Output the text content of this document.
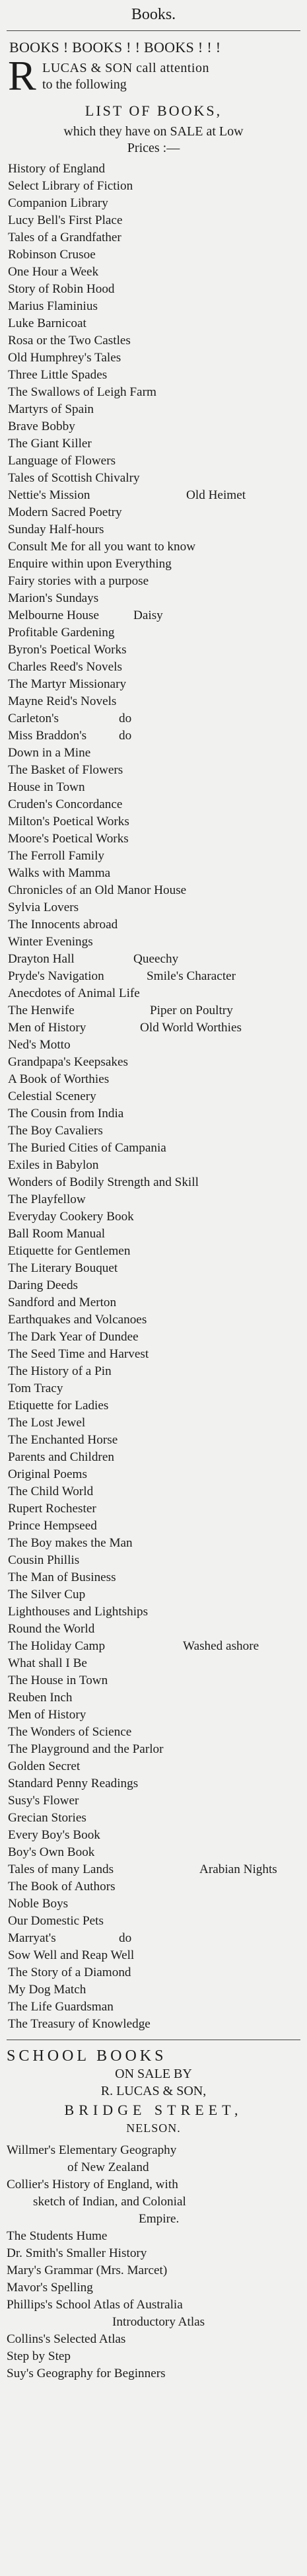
Books.
BOOKS ! BOOKS ! ! BOOKS ! ! !
R LUCAS & SON call attention
to the following
LIST OF BOOKS,
which they have on SALE at Low
Prices :—
History of England
Select Library of Fiction
Companion Library
Lucy Bell's First Place
Tales of a Grandfather
Robinson Crusoe
One Hour a Week
Story of Robin Hood
Marius Flaminius
Luke Barnicoat
Rosa or the Two Castles
Old Humphrey's Tales
Three Little Spades
The Swallows of Leigh Farm
Martyrs of Spain
Brave Bobby
The Giant Killer
Language of Flowers
Tales of Scottish Chivalry
Nettie's Mission	Old Heimet
Modern Sacred Poetry
Sunday Half-hours
Consult Me for all you want to know
Enquire within upon Everything
Fairy stories with a purpose
Marion's Sundays
Melbourne House	Daisy
Profitable Gardening
Byron's Poetical Works
Charles Reed's Novels
The Martyr Missionary
Mayne Reid's Novels
Carleton's	do
Miss Braddon's	do
Down in a Mine
The Basket of Flowers
House in Town
Cruden's Concordance
Milton's Poetical Works
Moore's Poetical Works
The Ferroll Family
Walks with Mamma
Chronicles of an Old Manor House
Sylvia Lovers
The Innocents abroad
Winter Evenings
Drayton Hall	Queechy
Pryde's Navigation	Smile's Character
Anecdotes of Animal Life
The Henwife	Piper on Poultry
Men of History	Old World Worthies
Ned's Motto
Grandpapa's Keepsakes
A Book of Worthies
Celestial Scenery
The Cousin from India
The Boy Cavaliers
The Buried Cities of Campania
Exiles in Babylon
Wonders of Bodily Strength and Skill
The Playfellow
Everyday Cookery Book
Ball Room Manual
Etiquette for Gentlemen
The Literary Bouquet
Daring Deeds
Sandford and Merton
Earthquakes and Volcanoes
The Dark Year of Dundee
The Seed Time and Harvest
The History of a Pin
Tom Tracy
Etiquette for Ladies
The Lost Jewel
The Enchanted Horse
Parents and Children
Original Poems
The Child World
Rupert Rochester
Prince Hempseed
The Boy makes the Man
Cousin Phillis
The Man of Business
The Silver Cup
Lighthouses and Lightships
Round the World
The Holiday Camp	Washed ashore
What shall I Be
The House in Town
Reuben Inch
Men of History
The Wonders of Science
The Playground and the Parlor
Golden Secret
Standard Penny Readings
Susy's Flower
Grecian Stories
Every Boy's Book
Boy's Own Book
Tales of many Lands	Arabian Nights
The Book of Authors
Noble Boys
Our Domestic Pets
Marryat's	do
Sow Well and Reap Well
The Story of a Diamond
My Dog Match
The Life Guardsman
The Treasury of Knowledge
SCHOOL BOOKS
ON SALE BY
R. LUCAS & SON,
BRIDGE STREET,
NELSON.
Willmer's Elementary Geography
of New Zealand
Collier's History of England, with
sketch of Indian, and Colonial
Empire.
The Students Hume
Dr. Smith's Smaller History
Mary's Grammar (Mrs. Marcet)
Mavor's Spelling
Phillips's School Atlas of Australia
Introductory Atlas
Collins's Selected Atlas
Step by Step
Suy's Geography for Beginners
